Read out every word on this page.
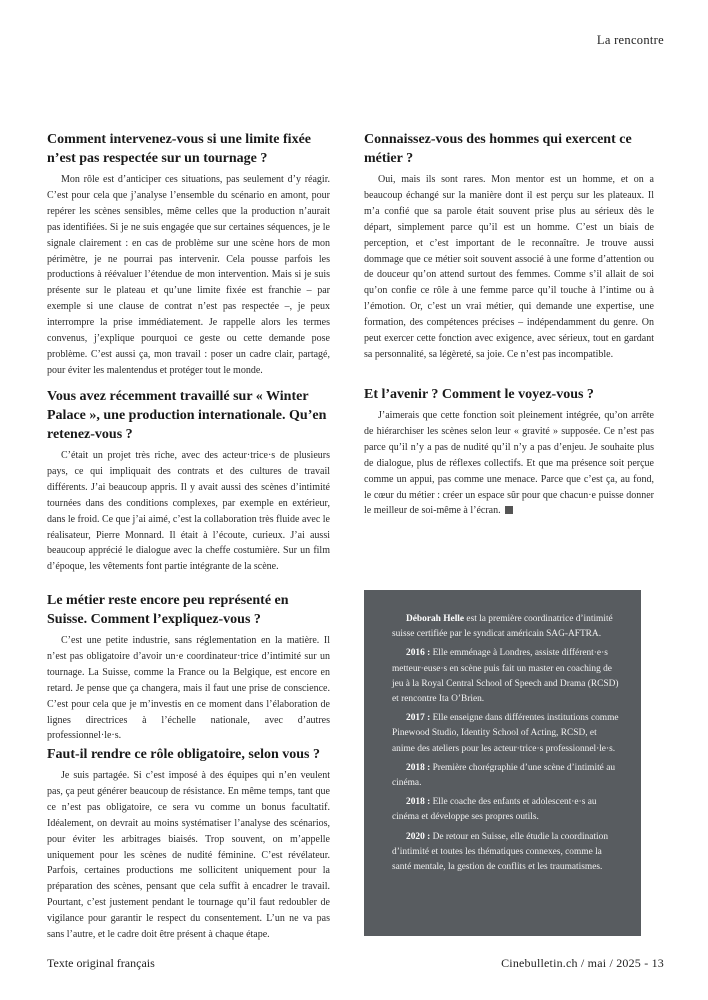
La rencontre
Comment intervenez-vous si une limite fixée n’est pas respectée sur un tournage ?

Mon rôle est d’anticiper ces situations, pas seulement d’y réagir. C’est pour cela que j’analyse l’ensemble du scénario en amont, pour repérer les scènes sensibles, même celles que la production n’aurait pas identifiées. Si je ne suis engagée que sur certaines séquences, je le signale clairement : en cas de problème sur une scène hors de mon périmètre, je ne pourrai pas intervenir. Cela pousse parfois les productions à réévaluer l’étendue de mon intervention. Mais si je suis présente sur le plateau et qu’une limite fixée est franchie – par exemple si une clause de contrat n’est pas respectée –, je peux interrompre la prise immédiatement. Je rappelle alors les termes convenus, j’explique pourquoi ce geste ou cette demande pose problème. C’est aussi ça, mon travail : poser un cadre clair, partagé, pour éviter les malentendus et protéger tout le monde.

Vous avez récemment travaillé sur « Winter Palace », une production internationale. Qu’en retenez-vous ?

C’était un projet très riche, avec des acteur·trice·s de plusieurs pays, ce qui impliquait des contrats et des cultures de travail différents. J’ai beaucoup appris. Il y avait aussi des scènes d’intimité tournées dans des conditions complexes, par exemple en extérieur, dans le froid. Ce que j’ai aimé, c’est la collaboration très fluide avec le réalisateur, Pierre Monnard. Il était à l’écoute, curieux. J’ai aussi beaucoup apprécié le dialogue avec la cheffe costumière. Sur un film d’époque, les vêtements font partie intégrante de la scène.

Le métier reste encore peu représenté en Suisse. Comment l’expliquez-vous ?

C’est une petite industrie, sans réglementation en la matière. Il n’est pas obligatoire d’avoir un·e coordinateur·trice d’intimité sur un tournage. La Suisse, comme la France ou la Belgique, est encore en retard. Je pense que ça changera, mais il faut une prise de conscience. C’est pour cela que je m’investis en ce moment dans l’élaboration de lignes directrices à l’échelle nationale, avec d’autres professionnel·le·s.

Faut-il rendre ce rôle obligatoire, selon vous ?

Je suis partagée. Si c’est imposé à des équipes qui n’en veulent pas, ça peut générer beaucoup de résistance. En même temps, tant que ce n’est pas obligatoire, ce sera vu comme un bonus facultatif. Idéalement, on devrait au moins systématiser l’analyse des scénarios, pour éviter les arbitrages biaisés. Trop souvent, on m’appelle uniquement pour les scènes de nudité féminine. C’est révélateur. Parfois, certaines productions me sollicitent uniquement pour la préparation des scènes, pensant que cela suffit à encadrer le travail. Pourtant, c’est justement pendant le tournage qu’il faut redoubler de vigilance pour garantir le respect du consentement. L’un ne va pas sans l’autre, et le cadre doit être présent à chaque étape.

Connaissez-vous des hommes qui exercent ce métier ?

Oui, mais ils sont rares. Mon mentor est un homme, et on a beaucoup échangé sur la manière dont il est perçu sur les plateaux. Il m’a confié que sa parole était souvent prise plus au sérieux dès le départ, simplement parce qu’il est un homme. C’est un biais de perception, et c’est important de le reconnaître. Je trouve aussi dommage que ce métier soit souvent associé à une forme d’attention ou de douceur qu’on attend surtout des femmes. Comme s’il allait de soi qu’on confie ce rôle à une femme parce qu’il touche à l’intime ou à l’émotion. Or, c’est un vrai métier, qui demande une expertise, une formation, des compétences précises – indépendamment du genre. On peut exercer cette fonction avec exigence, avec sérieux, tout en gardant sa personnalité, sa légèreté, sa joie. Ce n’est pas incompatible.

Et l’avenir ? Comment le voyez-vous ?

J’aimerais que cette fonction soit pleinement intégrée, qu’on arrête de hiérarchiser les scènes selon leur « gravité » supposée. Ce n’est pas parce qu’il n’y a pas de nudité qu’il n’y a pas d’enjeu. Je souhaite plus de dialogue, plus de réflexes collectifs. Et que ma présence soit perçue comme un appui, pas comme une menace. Parce que c’est ça, au fond, le cœur du métier : créer un espace sûr pour que chacun·e puisse donner le meilleur de soi-même à l’écran.

Déborah Helle est la première coordinatrice d’intimité suisse certifiée par le syndicat américain SAG-AFTRA.
2016 : Elle emménage à Londres, assiste différent·e·s metteur·euse·s en scène puis fait un master en coaching de jeu à la Royal Central School of Speech and Drama (RCSD) et rencontre Ita O’Brien.
2017 : Elle enseigne dans différentes institutions comme Pinewood Studio, Identity School of Acting, RCSD, et anime des ateliers pour les acteur·trice·s professionnel·le·s.
2018 : Première chorégraphie d’une scène d’intimité au cinéma.
2018 : Elle coache des enfants et adolescent·e·s au cinéma et développe ses propres outils.
2020 : De retour en Suisse, elle étudie la coordination d’intimité et toutes les thématiques connexes, comme la santé mentale, la gestion de conflits et les traumatismes.
Texte original français	Cinebulletin.ch / mai / 2025 - 13
